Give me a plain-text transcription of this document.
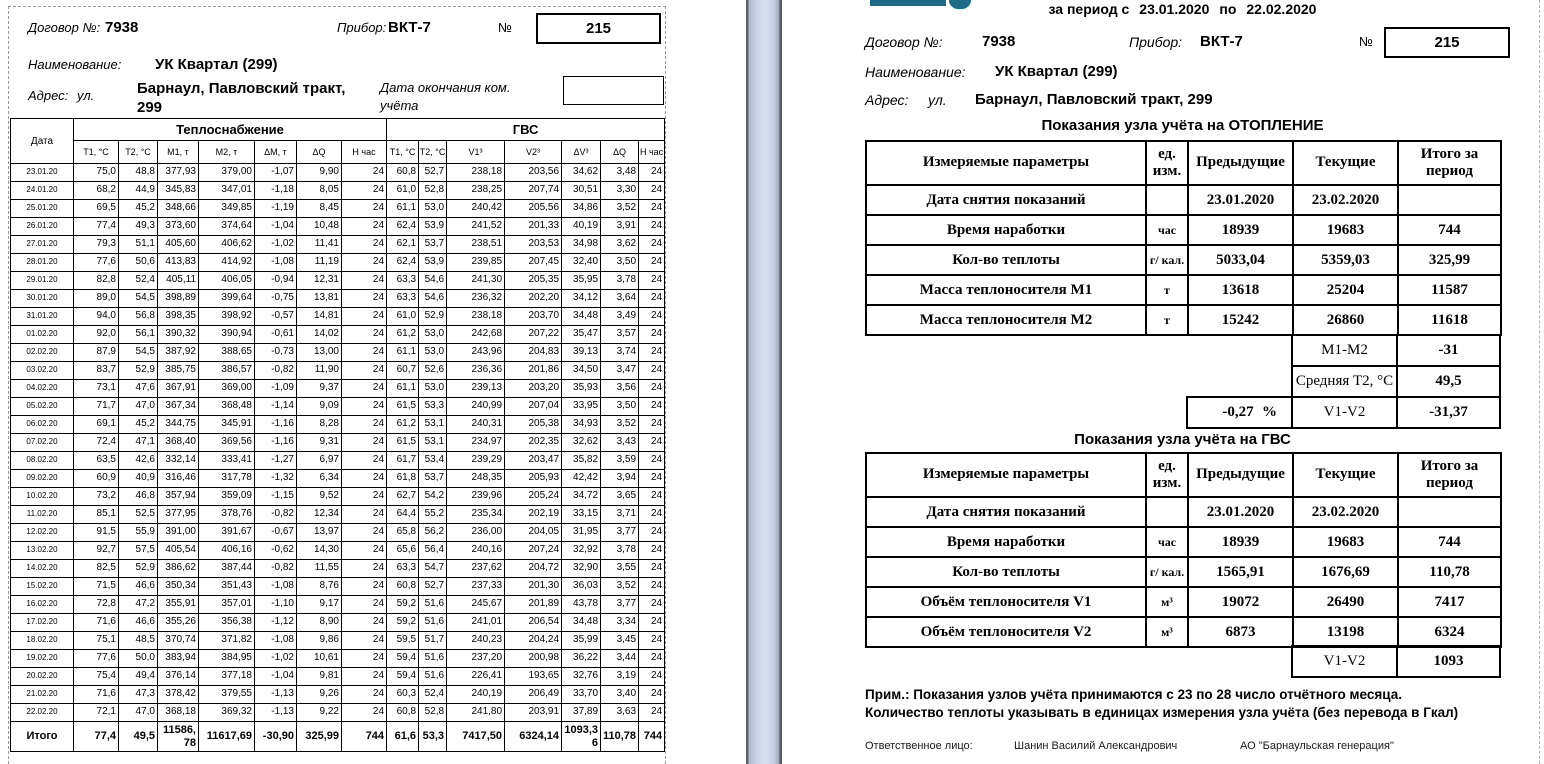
Договор №: 7938	Прибор: ВКТ-7	№	215
Наименование: УК Квартал (299)
Адрес: ул.	Барнаул, Павловский тракт, 299
Дата окончания ком. учёта
Дата	Теплоснабжение							ГВС						
	Т1, °С	Т2, °С	М1, т	М2, т	ΔМ, т	ΔQ	Н час	Т1, °С	Т2, °С	V1³	V2³	ΔV³	ΔQ	Н час
23.01.20	75,0	48,8	377,93	379,00	-1,07	9,90	24	60,8	52,7	238,18	203,56	34,62	3,48	24
24.01.20	68,2	44,9	345,83	347,01	-1,18	8,05	24	61,0	52,8	238,25	207,74	30,51	3,30	24
25.01.20	69,5	45,2	348,66	349,85	-1,19	8,45	24	61,1	53,0	240,42	205,56	34,86	3,52	24
26.01.20	77,4	49,3	373,60	374,64	-1,04	10,48	24	62,4	53,9	241,52	201,33	40,19	3,91	24
27.01.20	79,3	51,1	405,60	406,62	-1,02	11,41	24	62,1	53,7	238,51	203,53	34,98	3,62	24
28.01.20	77,6	50,6	413,83	414,92	-1,08	11,19	24	62,4	53,9	239,85	207,45	32,40	3,50	24
29.01.20	82,8	52,4	405,11	406,05	-0,94	12,31	24	63,3	54,6	241,30	205,35	35,95	3,78	24
30.01.20	89,0	54,5	398,89	399,64	-0,75	13,81	24	63,3	54,6	236,32	202,20	34,12	3,64	24
31.01.20	94,0	56,8	398,35	398,92	-0,57	14,81	24	61,0	52,9	238,18	203,70	34,48	3,49	24
01.02.20	92,0	56,1	390,32	390,94	-0,61	14,02	24	61,2	53,0	242,68	207,22	35,47	3,57	24
02.02.20	87,9	54,5	387,92	388,65	-0,73	13,00	24	61,1	53,0	243,96	204,83	39,13	3,74	24
03.02.20	83,7	52,9	385,75	386,57	-0,82	11,90	24	60,7	52,6	236,36	201,86	34,50	3,47	24
04.02.20	73,1	47,6	367,91	369,00	-1,09	9,37	24	61,1	53,0	239,13	203,20	35,93	3,56	24
05.02.20	71,7	47,0	367,34	368,48	-1,14	9,09	24	61,5	53,3	240,99	207,04	33,95	3,50	24
06.02.20	69,1	45,2	344,75	345,91	-1,16	8,28	24	61,2	53,1	240,31	205,38	34,93	3,52	24
07.02.20	72,4	47,1	368,40	369,56	-1,16	9,31	24	61,5	53,1	234,97	202,35	32,62	3,43	24
08.02.20	63,5	42,6	332,14	333,41	-1,27	6,97	24	61,7	53,4	239,29	203,47	35,82	3,59	24
09.02.20	60,9	40,9	316,46	317,78	-1,32	6,34	24	61,8	53,7	248,35	205,93	42,42	3,94	24
10.02.20	73,2	46,8	357,94	359,09	-1,15	9,52	24	62,7	54,2	239,96	205,24	34,72	3,65	24
11.02.20	85,1	52,5	377,95	378,76	-0,82	12,34	24	64,4	55,2	235,34	202,19	33,15	3,71	24
12.02.20	91,5	55,9	391,00	391,67	-0,67	13,97	24	65,8	56,2	236,00	204,05	31,95	3,77	24
13.02.20	92,7	57,5	405,54	406,16	-0,62	14,30	24	65,6	56,4	240,16	207,24	32,92	3,78	24
14.02.20	82,5	52,9	386,62	387,44	-0,82	11,55	24	63,3	54,7	237,62	204,72	32,90	3,55	24
15.02.20	71,5	46,6	350,34	351,43	-1,08	8,76	24	60,8	52,7	237,33	201,30	36,03	3,52	24
16.02.20	72,8	47,2	355,91	357,01	-1,10	9,17	24	59,2	51,6	245,67	201,89	43,78	3,77	24
17.02.20	71,6	46,6	355,26	356,38	-1,12	8,90	24	59,2	51,6	241,01	206,54	34,48	3,34	24
18.02.20	75,1	48,5	370,74	371,82	-1,08	9,86	24	59,5	51,7	240,23	204,24	35,99	3,45	24
19.02.20	77,6	50,0	383,94	384,95	-1,02	10,61	24	59,4	51,6	237,20	200,98	36,22	3,44	24
20.02.20	75,4	49,4	376,14	377,18	-1,04	9,81	24	59,4	51,6	226,41	193,65	32,76	3,19	24
21.02.20	71,6	47,3	378,42	379,55	-1,13	9,26	24	60,3	52,4	240,19	206,49	33,70	3,40	24
22.02.20	72,1	47,0	368,18	369,32	-1,13	9,22	24	60,8	52,8	241,80	203,91	37,89	3,63	24
Итого	77,4	49,5	11586,78	11617,69	-30,90	325,99	744	61,6	53,3	7417,50	6324,14	1093,36	110,78	744
за период с 23.01.2020 по 22.02.2020
Договор №:	7938	Прибор: ВКТ-7	№	215
Наименование: УК Квартал (299)
Адрес: ул. Барнаул, Павловский тракт, 299
Показания узла учёта на ОТОПЛЕНИЕ
Измеряемые параметры	ед. изм.	Предыдущие	Текущие	Итого за период
Дата снятия показаний		23.01.2020	23.02.2020	
Время наработки	час	18939	19683	744
Кол-во теплоты	г/ кал.	5033,04	5359,03	325,99
Масса теплоносителя М1	т	13618	25204	11587
Масса теплоносителя М2	т	15242	26860	11618
		М1-М2	-31
		Средняя Т2, °С	49,5
	-0,27 %	V1-V2	-31,37
Показания узла учёта на ГВС
Измеряемые параметры	ед. изм.	Предыдущие	Текущие	Итого за период
Дата снятия показаний		23.01.2020	23.02.2020	
Время наработки	час	18939	19683	744
Кол-во теплоты	г/ кал.	1565,91	1676,69	110,78
Объём теплоносителя V1	м³	19072	26490	7417
Объём теплоносителя V2	м³	6873	13198	6324
		V1-V2	1093
Прим.: Показания узлов учёта принимаются с 23 по 28 число отчётного месяца.
Количество теплоты указывать в единицах измерения узла учёта (без перевода в Гкал)
Ответственное лицо:	Шанин Василий Александрович	АО "Барнаульская генерация"
